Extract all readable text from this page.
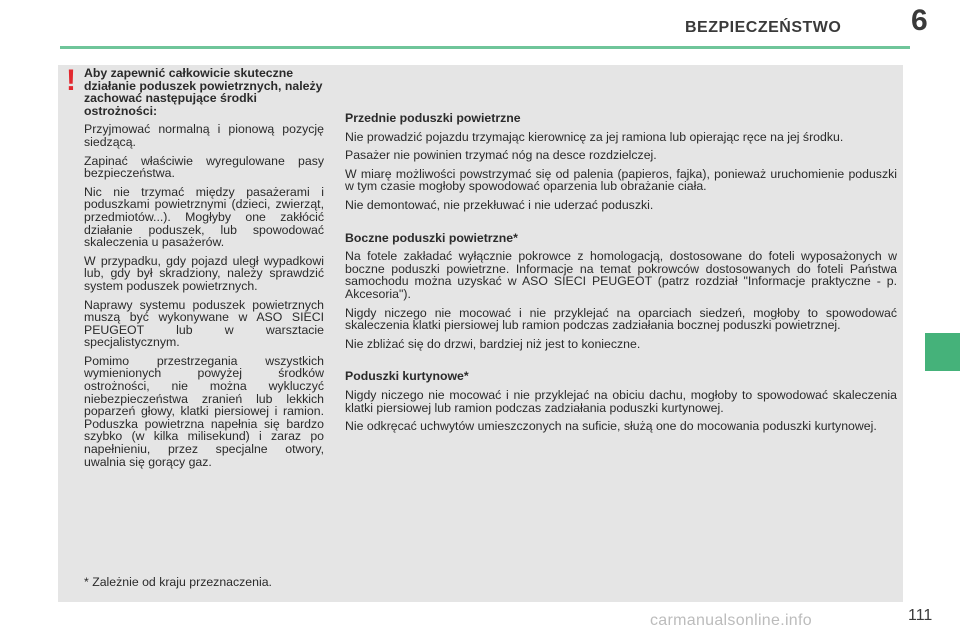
BEZPIECZEŃSTWO 6
! Aby zapewnić całkowicie skuteczne działanie poduszek powietrznych, należy zachować następujące środki ostrożności:

Przyjmować normalną i pionową pozycję siedzącą.

Zapinać właściwie wyregulowane pasy bezpieczeństwa.

Nic nie trzymać między pasażerami i poduszkami powietrznymi (dzieci, zwierząt, przedmiotów...). Mogłyby one zakłócić działanie poduszek, lub spowodować skaleczenia u pasażerów.

W przypadku, gdy pojazd uległ wypadkowi lub, gdy był skradziony, należy sprawdzić system poduszek powietrznych.

Naprawy systemu poduszek powietrznych muszą być wykonywane w ASO SIECI PEUGEOT lub w warsztacie specjalistycznym.

Pomimo przestrzegania wszystkich wymienionych powyżej środków ostrożności, nie można wykluczyć niebezpieczeństwa zranień lub lekkich poparzeń głowy, klatki piersiowej i ramion. Poduszka powietrzna napełnia się bardzo szybko (w kilka milisekund) i zaraz po napełnieniu, przez specjalne otwory, uwalnia się gorący gaz.

Przednie poduszki powietrzne

Nie prowadzić pojazdu trzymając kierownicę za jej ramiona lub opierając ręce na jej środku.

Pasażer nie powinien trzymać nóg na desce rozdzielczej.

W miarę możliwości powstrzymać się od palenia (papieros, fajka), ponieważ uruchomienie poduszki w tym czasie mogłoby spowodować oparzenia lub obrażanie ciała.

Nie demontować, nie przekłuwać i nie uderzać poduszki.

Boczne poduszki powietrzne*

Na fotele zakładać wyłącznie pokrowce z homologacją, dostosowane do foteli wyposażonych w boczne poduszki powietrzne. Informacje na temat pokrowców dostosowanych do foteli Państwa samochodu można uzyskać w ASO SIECI PEUGEOT (patrz rozdział "Informacje praktyczne - p. Akcesoria").

Nigdy niczego nie mocować i nie przyklejać na oparciach siedzeń, mogłoby to spowodować skaleczenia klatki piersiowej lub ramion podczas zadziałania bocznej poduszki powietrznej.

Nie zbliżać się do drzwi, bardziej niż jest to konieczne.

Poduszki kurtynowe*

Nigdy niczego nie mocować i nie przyklejać na obiciu dachu, mogłoby to spowodować skaleczenia klatki piersiowej lub ramion podczas zadziałania poduszki kurtynowej.

Nie odkręcać uchwytów umieszczonych na suficie, służą one do mocowania poduszki kurtynowej.

* Zależnie od kraju przeznaczenia.
carmanualsonline.info	111
